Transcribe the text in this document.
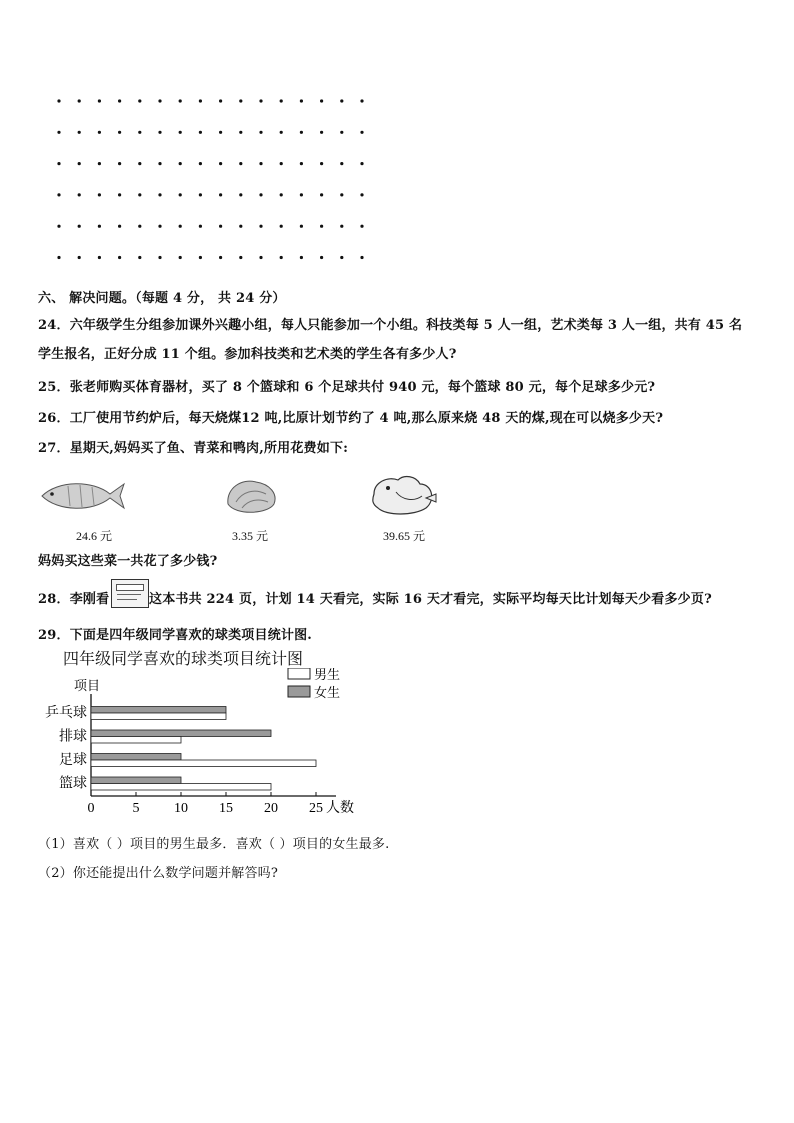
六、 解决问题。（每题 4 分， 共 24 分）
24．六年级学生分组参加课外兴趣小组，每人只能参加一个小组。科技类每 5 人一组，艺术类每 3 人一组，共有 45 名
学生报名，正好分成 11 个组。参加科技类和艺术类的学生各有多少人?
25．张老师购买体育器材，买了 8 个篮球和 6 个足球共付 940 元，每个篮球 80 元，每个足球多少元?
26．工厂使用节约炉后，每天烧煤12 吨,比原计划节约了 4 吨,那么原来烧 48 天的煤,现在可以烧多少天?
27．星期天,妈妈买了鱼、青菜和鸭肉,所用花费如下:
24.6 元	3.35 元	39.65 元
妈妈买这些菜一共花了多少钱?
28．李刚看	这本书共 224 页，计划 14 天看完，实际 16 天才看完，实际平均每天比计划每天少看多少页?
29．下面是四年级同学喜欢的球类项目统计图.
四年级同学喜欢的球类项目统计图
项目
0	5 10 15 20 25 人数
乒乓球
排球
足球
篮球
男生
女生
（1）喜欢（ ）项目的男生最多．喜欢（ ）项目的女生最多.
（2）你还能提出什么数学问题并解答吗?
